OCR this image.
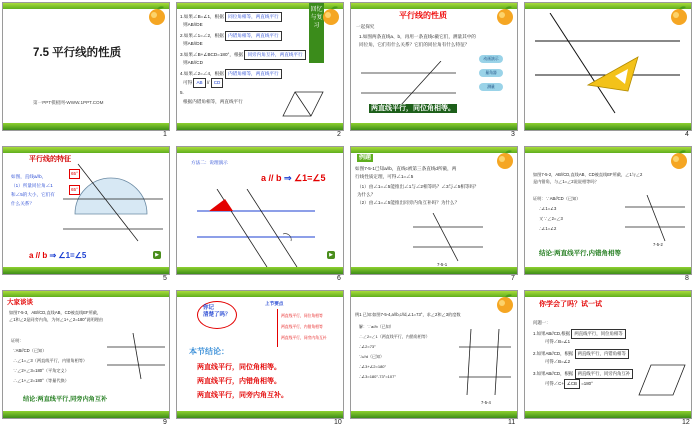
7.5 平行线的性质
第一PPT模板网-WWW.1PPT.COM
1
1.如果∠B=∠1，根据 同位角相等，两直线平行
则AB//DE
2.如果∠1=∠2，根据 内错角相等，两直线平行
则AB//DE
3.如果∠B+∠BCD=180°，根据 同旁内角互补，两直线平行
则AB//CD
4.如果∠2=∠4，根据 内错角相等，两直线平行
可得 AB // CD
5.
根据内错角相等，两直线平行
回忆与复习
2
平行线的性质
一起探究
1.如图两条直线a、b，再用一条直线c截它们，测量其中的同位角，它们有什么关系？它们的同位角有什么特征？
动画演示
量角器
测量
两直线平行，同位角相等。
3	4
平行线的特征
如图，直线a//b，
（1）所量同位角∠1
和∠5的大小，它们有
什么关系？
65°
65°
a // b ⇒ ∠1=∠5	▶
5
方法二：说理演示
a // b ⇒ ∠1=∠5
▶
6
例题
如图7-5-1已知a//b，直线c被第三条直线d所截，两
行线性质定理，可得∠1=∠5
（1）由∠1=∠5能推出∠1与∠2相等吗？∠3与∠5相等吗？
为什么？
（2）由∠1=∠5能推出同旁内角互补吗？为什么？
7-5-1
7
如图7-5-2，AB//CD,直线AB、CD被直线EF所截，∠1与∠2
是内错角，与∠1=∠2说说相等吗？
证明：∵AB//CD（已知）
∴∠1=∠3
又∵∠2=∠3
∴∠1=∠2
7-5-2
结论:两直线平行,内错角相等
8
大家谈谈
如图7-5-3，AB//CD,直线AB，CD被直线EF所截，
∠1和∠2是同旁内角，为何∠1+∠2=180°说明理由
证明：
∵AB//CD（已知）
∴∠1=∠3（两直线平行，内错角相等）
∵∠2+∠3=180°（平角定义）
∴∠1+∠2=180°（等量代换）
结论:两直线平行,同旁内角互补
9
你记
清楚了吗？
上节要点
两直线平行，同位角相等
两直线平行，内错角相等
两直线平行，同旁内角互补
本节结论：
两直线平行，同位角相等。
两直线平行，内错角相等。
两直线平行，同旁内角互补。
10
例1 已知:如图7-5-4,a//b,c//d,∠1=73°，求∠2和∠3的度数
解：∵a//b（已知）
∴∠2=∠1（两直线平行，内错角相等）
∴∠2=73°
∵c//d（已知）
∴∠3+∠2=180°
∴∠3=180°-73°=107°
7-5-4
11
你学会了吗？试一试
问题一：
1.如果AB//CD,根据 两直线平行，同位角相等
可得∠B=∠1
2.如果AB//CD，根据 两直线平行，内错角相等
可得∠B=∠2
3.如果AB//CD，根据 两直线平行，同旁内角互补
可得∠C+ ∠CB =180°
12
